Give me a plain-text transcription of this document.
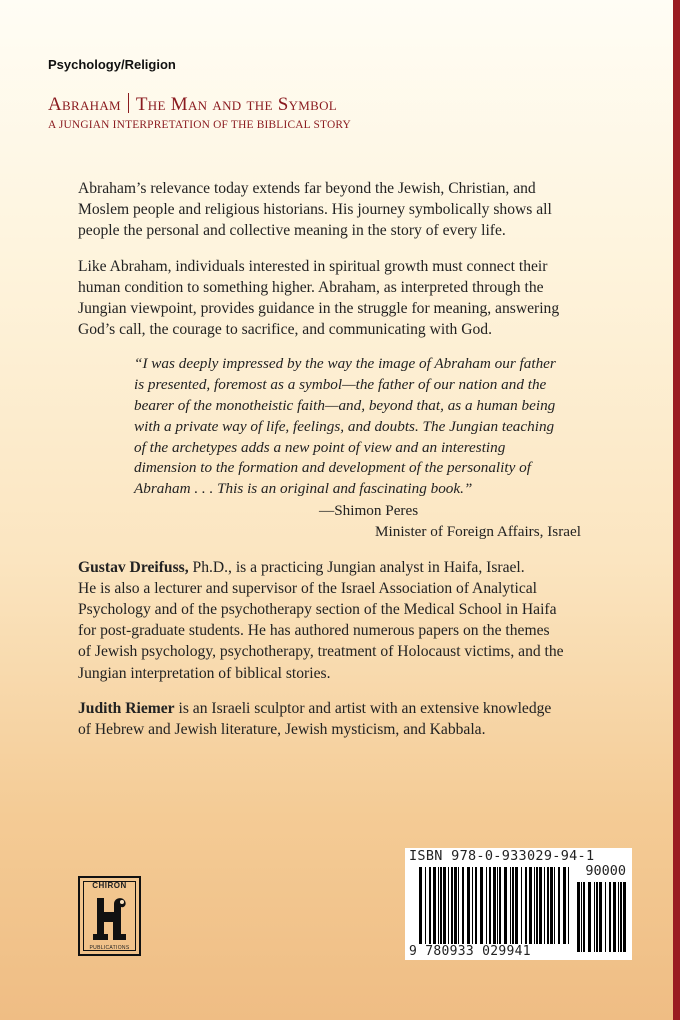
Psychology/Religion
Abraham The Man and the Symbol
A JUNGIAN INTERPRETATION OF THE BIBLICAL STORY

Abraham’s relevance today extends far beyond the Jewish, Christian, and
Moslem people and religious historians. His journey symbolically shows all
people the personal and collective meaning in the story of every life.

Like Abraham, individuals interested in spiritual growth must connect their
human condition to something higher. Abraham, as interpreted through the
Jungian viewpoint, provides guidance in the struggle for meaning, answering
God’s call, the courage to sacrifice, and communicating with God.

“I was deeply impressed by the way the image of Abraham our father
is presented, foremost as a symbol—the father of our nation and the
bearer of the monotheistic faith—and, beyond that, as a human being
with a private way of life, feelings, and doubts. The Jungian teaching
of the archetypes adds a new point of view and an interesting
dimension to the formation and development of the personality of
Abraham . . . This is an original and fascinating book.”
—Shimon Peres
Minister of Foreign Affairs, Israel

Gustav Dreifuss, Ph.D., is a practicing Jungian analyst in Haifa, Israel.
He is also a lecturer and supervisor of the Israel Association of Analytical
Psychology and of the psychotherapy section of the Medical School in Haifa
for post-graduate students. He has authored numerous papers on the themes
of Jewish psychology, psychotherapy, treatment of Holocaust victims, and the
Jungian interpretation of biblical stories.

Judith Riemer is an Israeli sculptor and artist with an extensive knowledge
of Hebrew and Jewish literature, Jewish mysticism, and Kabbala.

CHIRON
PUBLICATIONS
ISBN 978-0-933029-94-1
90000
9 780933 029941
